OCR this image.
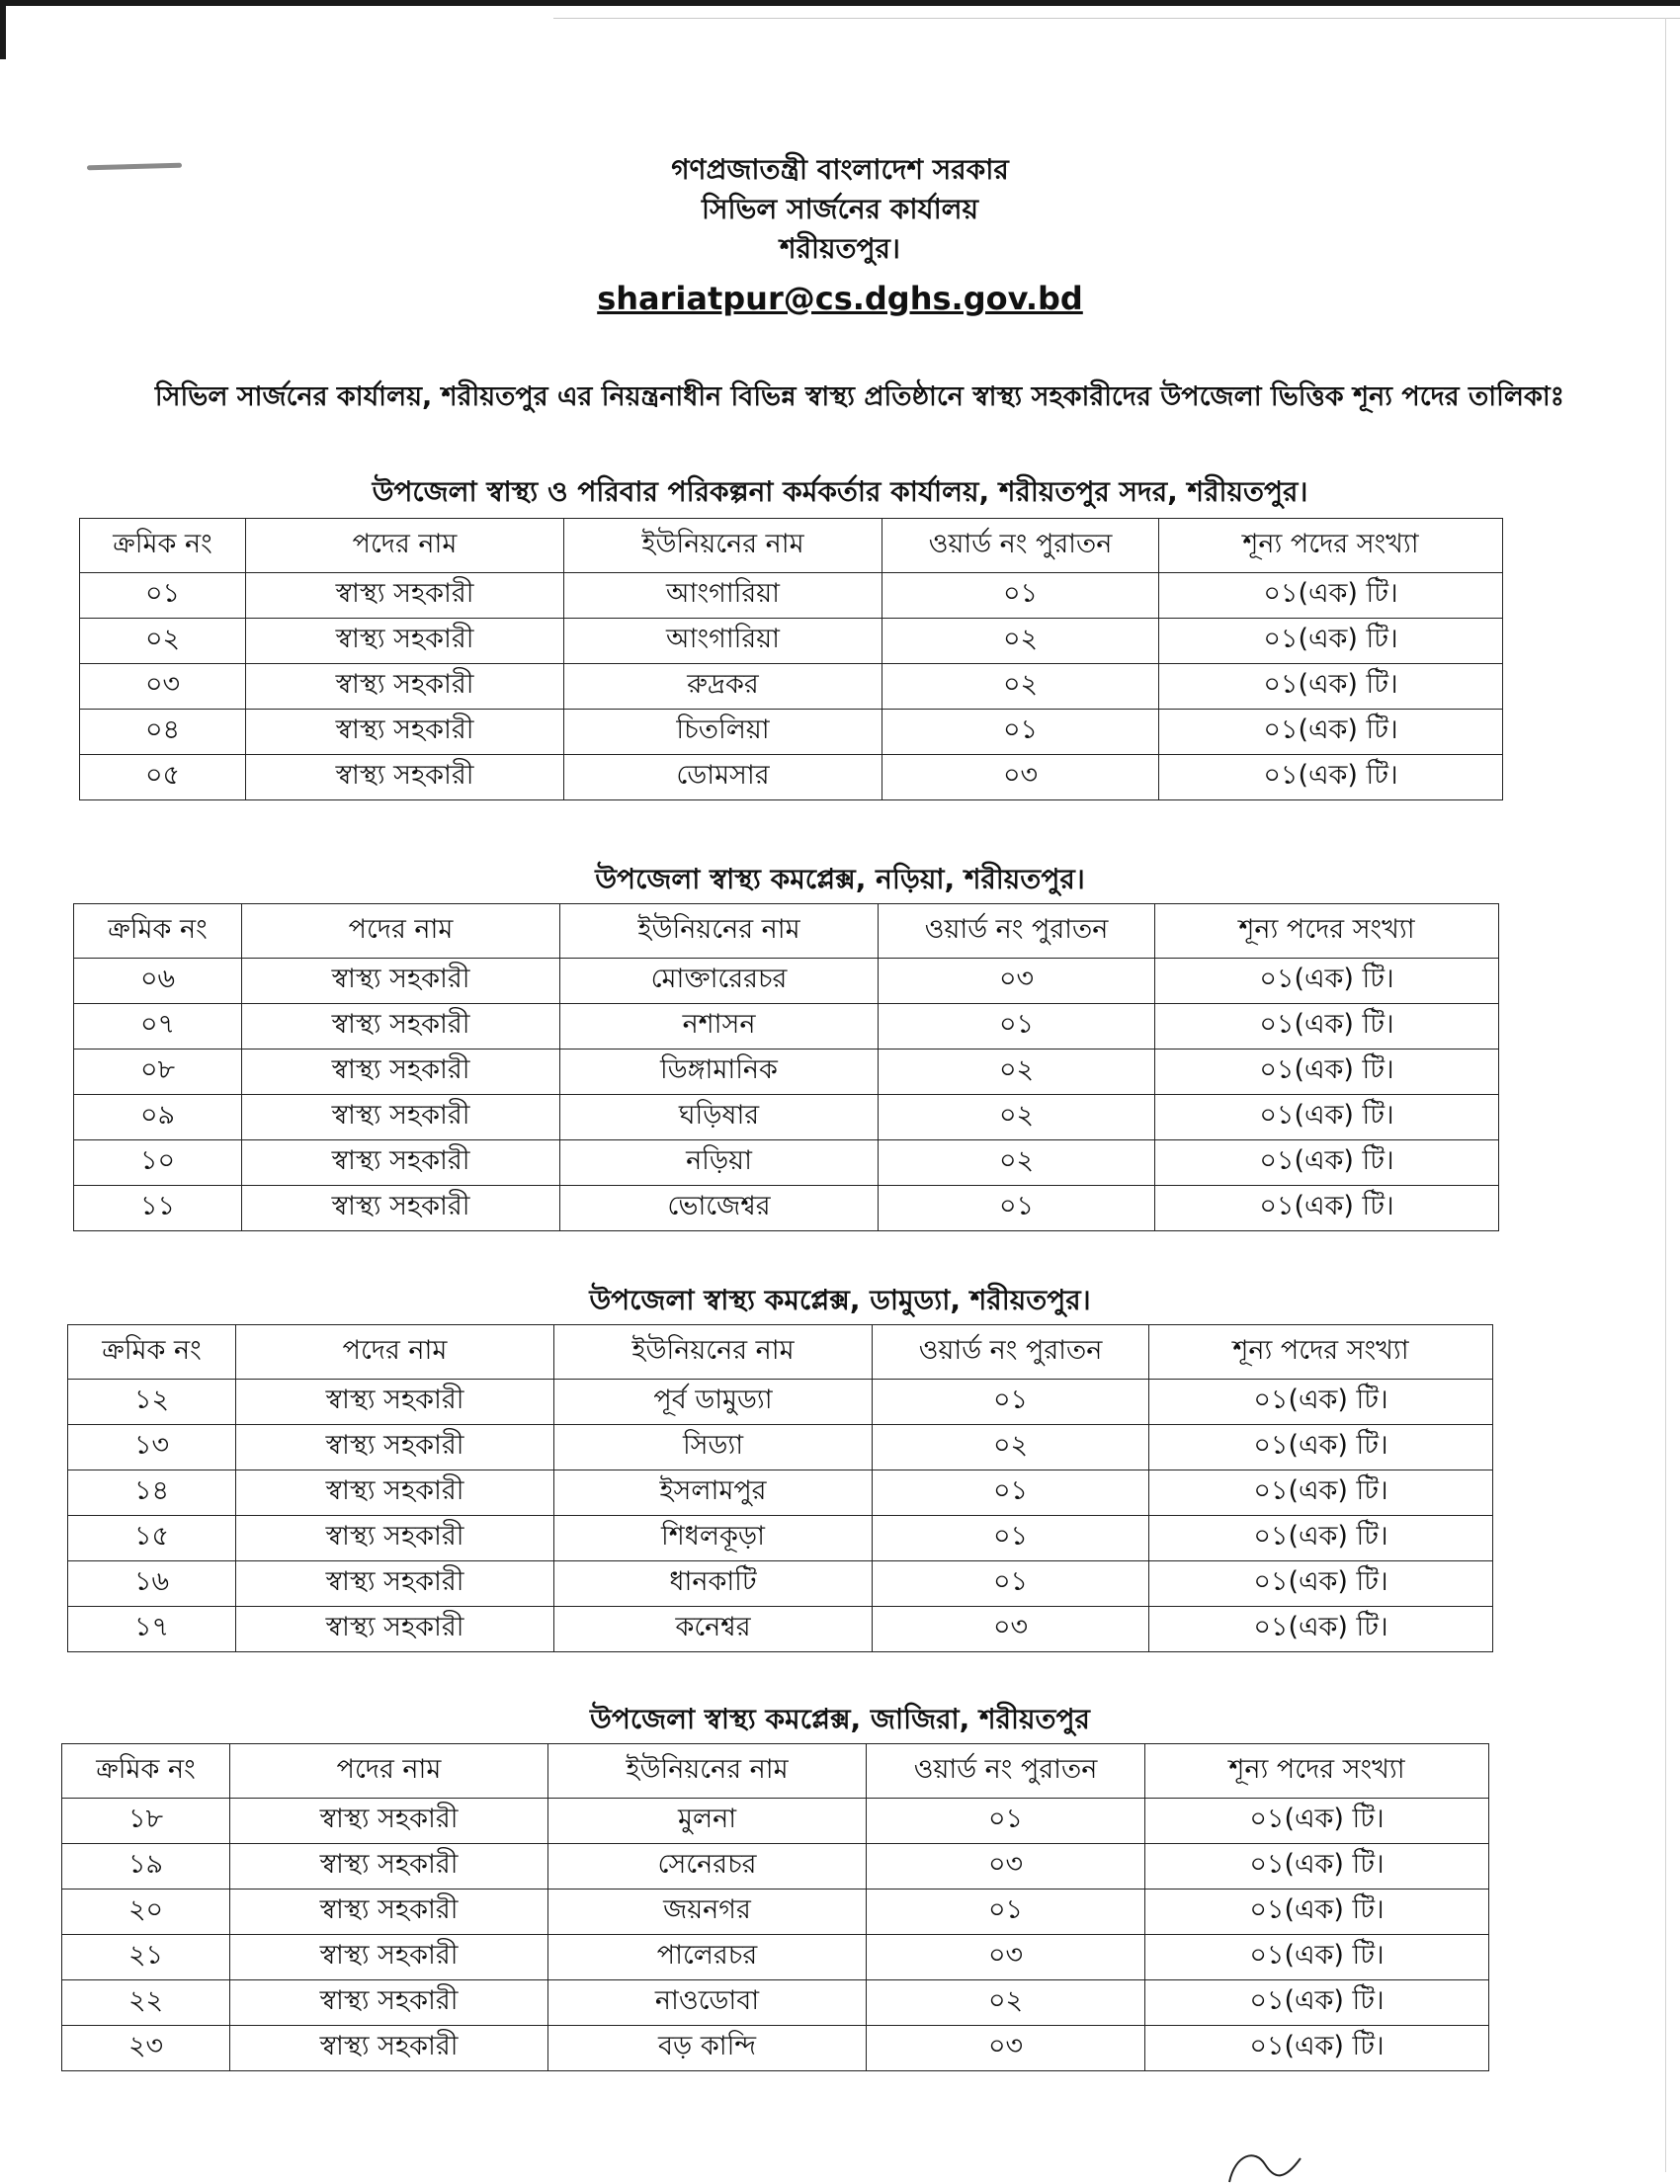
গণপ্রজাতন্ত্রী বাংলাদেশ সরকার
সিভিল সার্জনের কার্যালয়
শরীয়তপুর।
shariatpur@cs.dghs.gov.bd
সিভিল সার্জনের কার্যালয়, শরীয়তপুর এর নিয়ন্ত্রনাধীন বিভিন্ন স্বাস্থ্য প্রতিষ্ঠানে স্বাস্থ্য সহকারীদের উপজেলা ভিত্তিক শূন্য পদের তালিকাঃ
উপজেলা স্বাস্থ্য ও পরিবার পরিকল্পনা কর্মকর্তার কার্যালয়, শরীয়তপুর সদর, শরীয়তপুর।
ক্রমিক নং	পদের নাম	ইউনিয়নের নাম	ওয়ার্ড নং পুরাতন	শূন্য পদের সংখ্যা
০১	স্বাস্থ্য সহকারী	আংগারিয়া	০১	০১(এক) টি।
০২	স্বাস্থ্য সহকারী	আংগারিয়া	০২	০১(এক) টি।
০৩	স্বাস্থ্য সহকারী	রুদ্রকর	০২	০১(এক) টি।
০৪	স্বাস্থ্য সহকারী	চিতলিয়া	০১	০১(এক) টি।
০৫	স্বাস্থ্য সহকারী	ডোমসার	০৩	০১(এক) টি।
উপজেলা স্বাস্থ্য কমপ্লেক্স, নড়িয়া, শরীয়তপুর।
ক্রমিক নং	পদের নাম	ইউনিয়নের নাম	ওয়ার্ড নং পুরাতন	শূন্য পদের সংখ্যা
০৬	স্বাস্থ্য সহকারী	মোক্তারেরচর	০৩	০১(এক) টি।
০৭	স্বাস্থ্য সহকারী	নশাসন	০১	০১(এক) টি।
০৮	স্বাস্থ্য সহকারী	ডিঙ্গামানিক	০২	০১(এক) টি।
০৯	স্বাস্থ্য সহকারী	ঘড়িষার	০২	০১(এক) টি।
১০	স্বাস্থ্য সহকারী	নড়িয়া	০২	০১(এক) টি।
১১	স্বাস্থ্য সহকারী	ভোজেশ্বর	০১	০১(এক) টি।
উপজেলা স্বাস্থ্য কমপ্লেক্স, ডামুড্যা, শরীয়তপুর।
ক্রমিক নং	পদের নাম	ইউনিয়নের নাম	ওয়ার্ড নং পুরাতন	শূন্য পদের সংখ্যা
১২	স্বাস্থ্য সহকারী	পূর্ব ডামুড্যা	০১	০১(এক) টি।
১৩	স্বাস্থ্য সহকারী	সিড্যা	০২	০১(এক) টি।
১৪	স্বাস্থ্য সহকারী	ইসলামপুর	০১	০১(এক) টি।
১৫	স্বাস্থ্য সহকারী	শিধলকূড়া	০১	০১(এক) টি।
১৬	স্বাস্থ্য সহকারী	ধানকাটি	০১	০১(এক) টি।
১৭	স্বাস্থ্য সহকারী	কনেশ্বর	০৩	০১(এক) টি।
উপজেলা স্বাস্থ্য কমপ্লেক্স, জাজিরা, শরীয়তপুর
ক্রমিক নং	পদের নাম	ইউনিয়নের নাম	ওয়ার্ড নং পুরাতন	শূন্য পদের সংখ্যা
১৮	স্বাস্থ্য সহকারী	মুলনা	০১	০১(এক) টি।
১৯	স্বাস্থ্য সহকারী	সেনেরচর	০৩	০১(এক) টি।
২০	স্বাস্থ্য সহকারী	জয়নগর	০১	০১(এক) টি।
২১	স্বাস্থ্য সহকারী	পালেরচর	০৩	০১(এক) টি।
২২	স্বাস্থ্য সহকারী	নাওডোবা	০২	০১(এক) টি।
২৩	স্বাস্থ্য সহকারী	বড় কান্দি	০৩	০১(এক) টি।
